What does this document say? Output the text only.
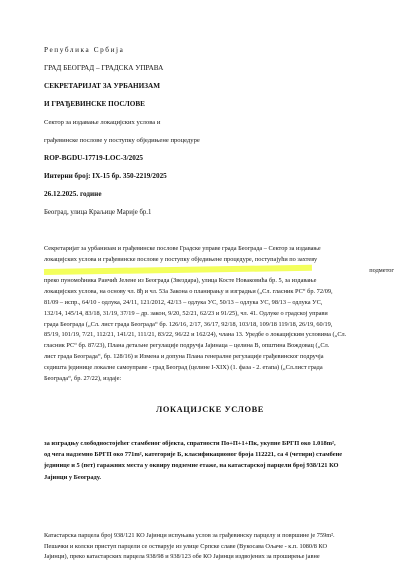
Република Србија
ГРАД БЕОГРАД – ГРАДСКА УПРАВА
СЕКРЕТАРИЈАТ ЗА УРБАНИЗАМ
И ГРАЂЕВИНСКЕ ПОСЛОВЕ
Сектор за издавање локацијских услова и
грађевинске послове у поступку обједињене процедуре
ROP-BGDU-17719-LOC-3/2025
Интерни број: IX-15 бр. 350-2219/2025
26.12.2025. године
Београд, улица Краљице Марије бр.1
Секретаријат за урбанизам и грађевинске послове Градске управе града Београда – Сектор за издавање
локацијских услова и грађевинске послове у поступку обједињене процедуре, поступајући по захтеву
подметог
преко пуномоћника Раичић Јелене из Београда (Звездара), улица Косте Новаковића бр. 5, за издавање
локацијских услова, на основу чл. 8ђ и чл. 53а Закона о планирању и изградњи („Сл. гласник РС“ бр. 72/09,
81/09 – испр., 64/10 - одлука, 24/11, 121/2012, 42/13 – одлука УС, 50/13 – одлука УС, 98/13 – одлука УС,
132/14, 145/14, 83/18, 31/19, 37/19 – др. закон, 9/20, 52/21, 62/23 и 91/25), чл. 41. Одлуке о градској управи
града Београда („Сл. лист града Београда“ бр. 126/16, 2/17, 36/17, 92/18, 103/18, 109/18 119/18, 26/19, 60/19,
85/19, 101/19, 7/21, 112/21, 141/21, 111/21, 83/22, 96/22 и 162/24), члана 13. Уредбе о локацијским условима („Сл.
гласник РС“ бр. 87/23), Плана детаљне регулације подручја Јајинаца – целина В, општина Вождовац („Сл.
лист града Београда“, бр. 128/16) и Измена и допуна Плана генералне регулације грађевинског подручја
седишта јединице локалне самоуправе - град Београд (целине I-XIX) (1. фаза - 2. етапа) („Сл.лист града
Београда“, бр. 27/22), издаје:
ЛОКАЦИЈСКЕ УСЛОВЕ
за изградњу слободностојећег стамбеног објекта, спратности По+П+1+Пк, укупне БРГП око 1.018m²,
од чега надземно БРГП око 771m², категорије Б, класификационог броја 112221, са 4 (четири) стамбене
јединице и 5 (пет) гаражних места у оквиру подземне етаже, на катастарској парцели број 938/121 КО
Јајинци у Београду.
Катастарска парцела број 938/121 КО Јајинци испуњава услов за грађевинску парцелу и површине је 759m².
Пешачки и колски приступ парцели се остварује из улице Српске славе (Вукосава Ољаче - к.п. 1080/8 КО
Јајинци), преко катастарских парцела 938/98 и 938/123 обе КО Јајинци издвојених за проширење јавне
